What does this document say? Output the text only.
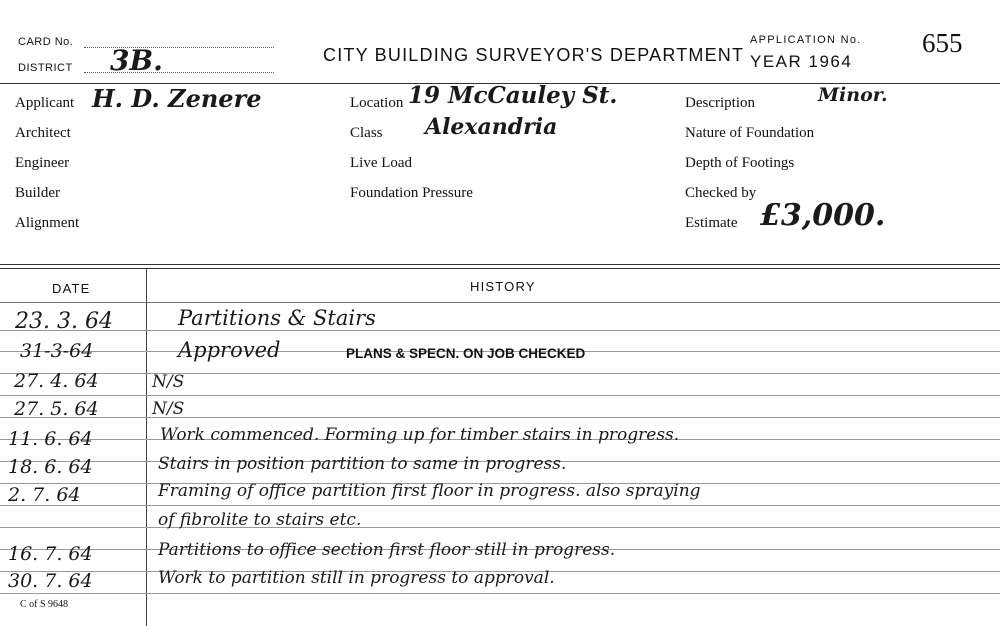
CARD No.
DISTRICT 3B.	CITY BUILDING SURVEYOR'S DEPARTMENT
APPLICATION No.
YEAR 1964
655
Applicant H. D. Zenere
Architect
Engineer
Builder
Alignment
Location 19 McCauley St.
Class Alexandria
Live Load
Foundation Pressure
Description	Minor.
Nature of Foundation
Depth of Footings
Checked by
Estimate £3,000.
DATE	HISTORY
23. 3. 64	Partitions & Stairs
31-3-64	Approved	PLANS & SPECN. ON JOB CHECKED
27. 4. 64	N/S
27. 5. 64	N/S
11. 6. 64	Work commenced. Forming up for timber stairs in progress.
18. 6. 64	Stairs in position partition to same in progress.
2. 7. 64	Framing of office partition first floor in progress. also spraying
of fibrolite to stairs etc.
16. 7. 64	Partitions to office section first floor still in progress.
30. 7. 64	Work to partition still in progress to approval.
C of S 9648
